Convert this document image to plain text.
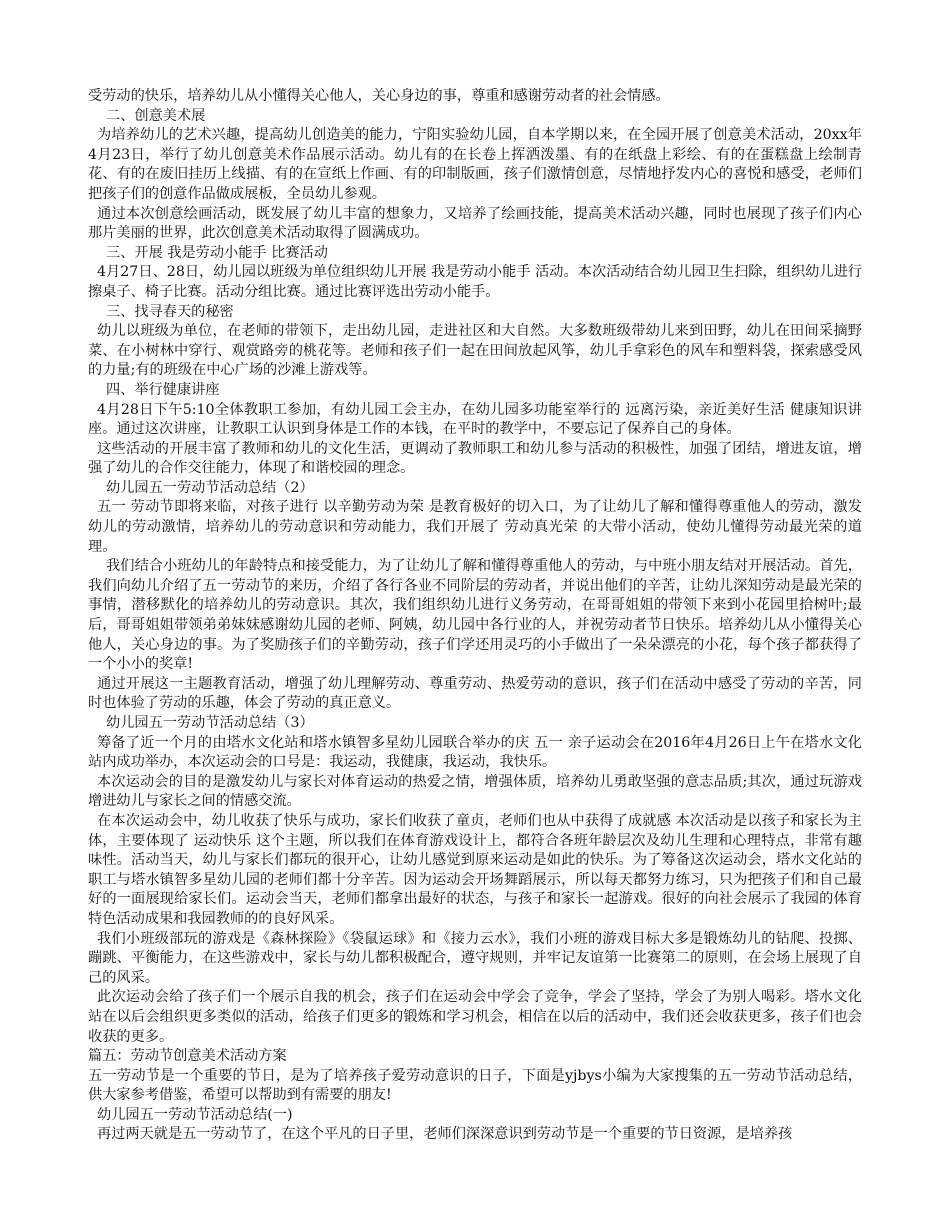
受劳动的快乐，培养幼儿从小懂得关心他人，关心身边的事，尊重和感谢劳动者的社会情感。

二、创意美术展

为培养幼儿的艺术兴趣，提高幼儿创造美的能力，宁阳实验幼儿园，自本学期以来，在全园开展了创意美术活动，20xx年4月23日，举行了幼儿创意美术作品展示活动。幼儿有的在长卷上挥洒泼墨、有的在纸盘上彩绘、有的在蛋糕盘上绘制青花、有的在废旧挂历上线描、有的在宣纸上作画、有的印制版画，孩子们激情创意，尽情地抒发内心的喜悦和感受，老师们把孩子们的创意作品做成展板，全员幼儿参观。

通过本次创意绘画活动，既发展了幼儿丰富的想象力，又培养了绘画技能，提高美术活动兴趣，同时也展现了孩子们内心那片美丽的世界，此次创意美术活动取得了圆满成功。

三、开展 我是劳动小能手 比赛活动

4月27日、28日，幼儿园以班级为单位组织幼儿开展 我是劳动小能手 活动。本次活动结合幼儿园卫生扫除，组织幼儿进行擦桌子、椅子比赛。活动分组比赛。通过比赛评选出劳动小能手。

三、找寻春天的秘密

幼儿以班级为单位，在老师的带领下，走出幼儿园，走进社区和大自然。大多数班级带幼儿来到田野，幼儿在田间采摘野菜、在小树林中穿行、观赏路旁的桃花等。老师和孩子们一起在田间放起风筝，幼儿手拿彩色的风车和塑料袋，探索感受风的力量;有的班级在中心广场的沙滩上游戏等。

四、举行健康讲座

4月28日下午5:10全体教职工参加，有幼儿园工会主办，在幼儿园多功能室举行的 远离污染，亲近美好生活 健康知识讲座。通过这次讲座，让教职工认识到身体是工作的本钱，在平时的教学中，不要忘记了保养自己的身体。

这些活动的开展丰富了教师和幼儿的文化生活，更调动了教师职工和幼儿参与活动的积极性，加强了团结，增进友谊，增强了幼儿的合作交往能力，体现了和谐校园的理念。

幼儿园五一劳动节活动总结（2）

五一 劳动节即将来临，对孩子进行 以辛勤劳动为荣 是教育极好的切入口，为了让幼儿了解和懂得尊重他人的劳动，激发幼儿的劳动激情，培养幼儿的劳动意识和劳动能力，我们开展了 劳动真光荣 的大带小活动，使幼儿懂得劳动最光荣的道理。

我们结合小班幼儿的年龄特点和接受能力，为了让幼儿了解和懂得尊重他人的劳动，与中班小朋友结对开展活动。首先，我们向幼儿介绍了五一劳动节的来历，介绍了各行各业不同阶层的劳动者，并说出他们的辛苦，让幼儿深知劳动是最光荣的事情，潜移默化的培养幼儿的劳动意识。其次，我们组织幼儿进行义务劳动，在哥哥姐姐的带领下来到小花园里拾树叶;最后，哥哥姐姐带领弟弟妹妹感谢幼儿园的老师、阿姨，幼儿园中各行业的人，并祝劳动者节日快乐。培养幼儿从小懂得关心他人，关心身边的事。为了奖励孩子们的辛勤劳动，孩子们学还用灵巧的小手做出了一朵朵漂亮的小花，每个孩子都获得了一个小小的奖章!

通过开展这一主题教育活动，增强了幼儿理解劳动、尊重劳动、热爱劳动的意识，孩子们在活动中感受了劳动的辛苦，同时也体验了劳动的乐趣，体会了劳动的真正意义。

幼儿园五一劳动节活动总结（3）

筹备了近一个月的由塔水文化站和塔水镇智多星幼儿园联合举办的庆 五一 亲子运动会在2016年4月26日上午在塔水文化站内成功举办，本次运动会的口号是：我运动，我健康，我运动，我快乐。

本次运动会的目的是激发幼儿与家长对体育运动的热爱之情，增强体质，培养幼儿勇敢坚强的意志品质;其次，通过玩游戏增进幼儿与家长之间的情感交流。

在本次运动会中，幼儿收获了快乐与成功，家长们收获了童贞，老师们也从中获得了成就感 本次活动是以孩子和家长为主体，主要体现了 运动快乐 这个主题，所以我们在体育游戏设计上，都符合各班年龄层次及幼儿生理和心理特点，非常有趣味性。活动当天，幼儿与家长们都玩的很开心，让幼儿感觉到原来运动是如此的快乐。为了筹备这次运动会，塔水文化站的职工与塔水镇智多星幼儿园的老师们都十分辛苦。因为运动会开场舞蹈展示，所以每天都努力练习，只为把孩子们和自己最好的一面展现给家长们。运动会当天，老师们都拿出最好的状态，与孩子和家长一起游戏。很好的向社会展示了我园的体育特色活动成果和我园教师的的良好风采。

我们小班级部玩的游戏是《森林探险》《袋鼠运球》和《接力云水》，我们小班的游戏目标大多是锻炼幼儿的钻爬、投掷、蹦跳、平衡能力，在这些游戏中，家长与幼儿都积极配合，遵守规则，并牢记友谊第一比赛第二的原则，在会场上展现了自己的风采。

此次运动会给了孩子们一个展示自我的机会，孩子们在运动会中学会了竞争，学会了坚持，学会了为别人喝彩。塔水文化站在以后会组织更多类似的活动，给孩子们更多的锻炼和学习机会，相信在以后的活动中，我们还会收获更多，孩子们也会收获的更多。

篇五：劳动节创意美术活动方案

五一劳动节是一个重要的节日，是为了培养孩子爱劳动意识的日子，下面是yjbys小编为大家搜集的五一劳动节活动总结，供大家参考借鉴，希望可以帮助到有需要的朋友!

幼儿园五一劳动节活动总结(一)

再过两天就是五一劳动节了，在这个平凡的日子里，老师们深深意识到劳动节是一个重要的节日资源，是培养孩
